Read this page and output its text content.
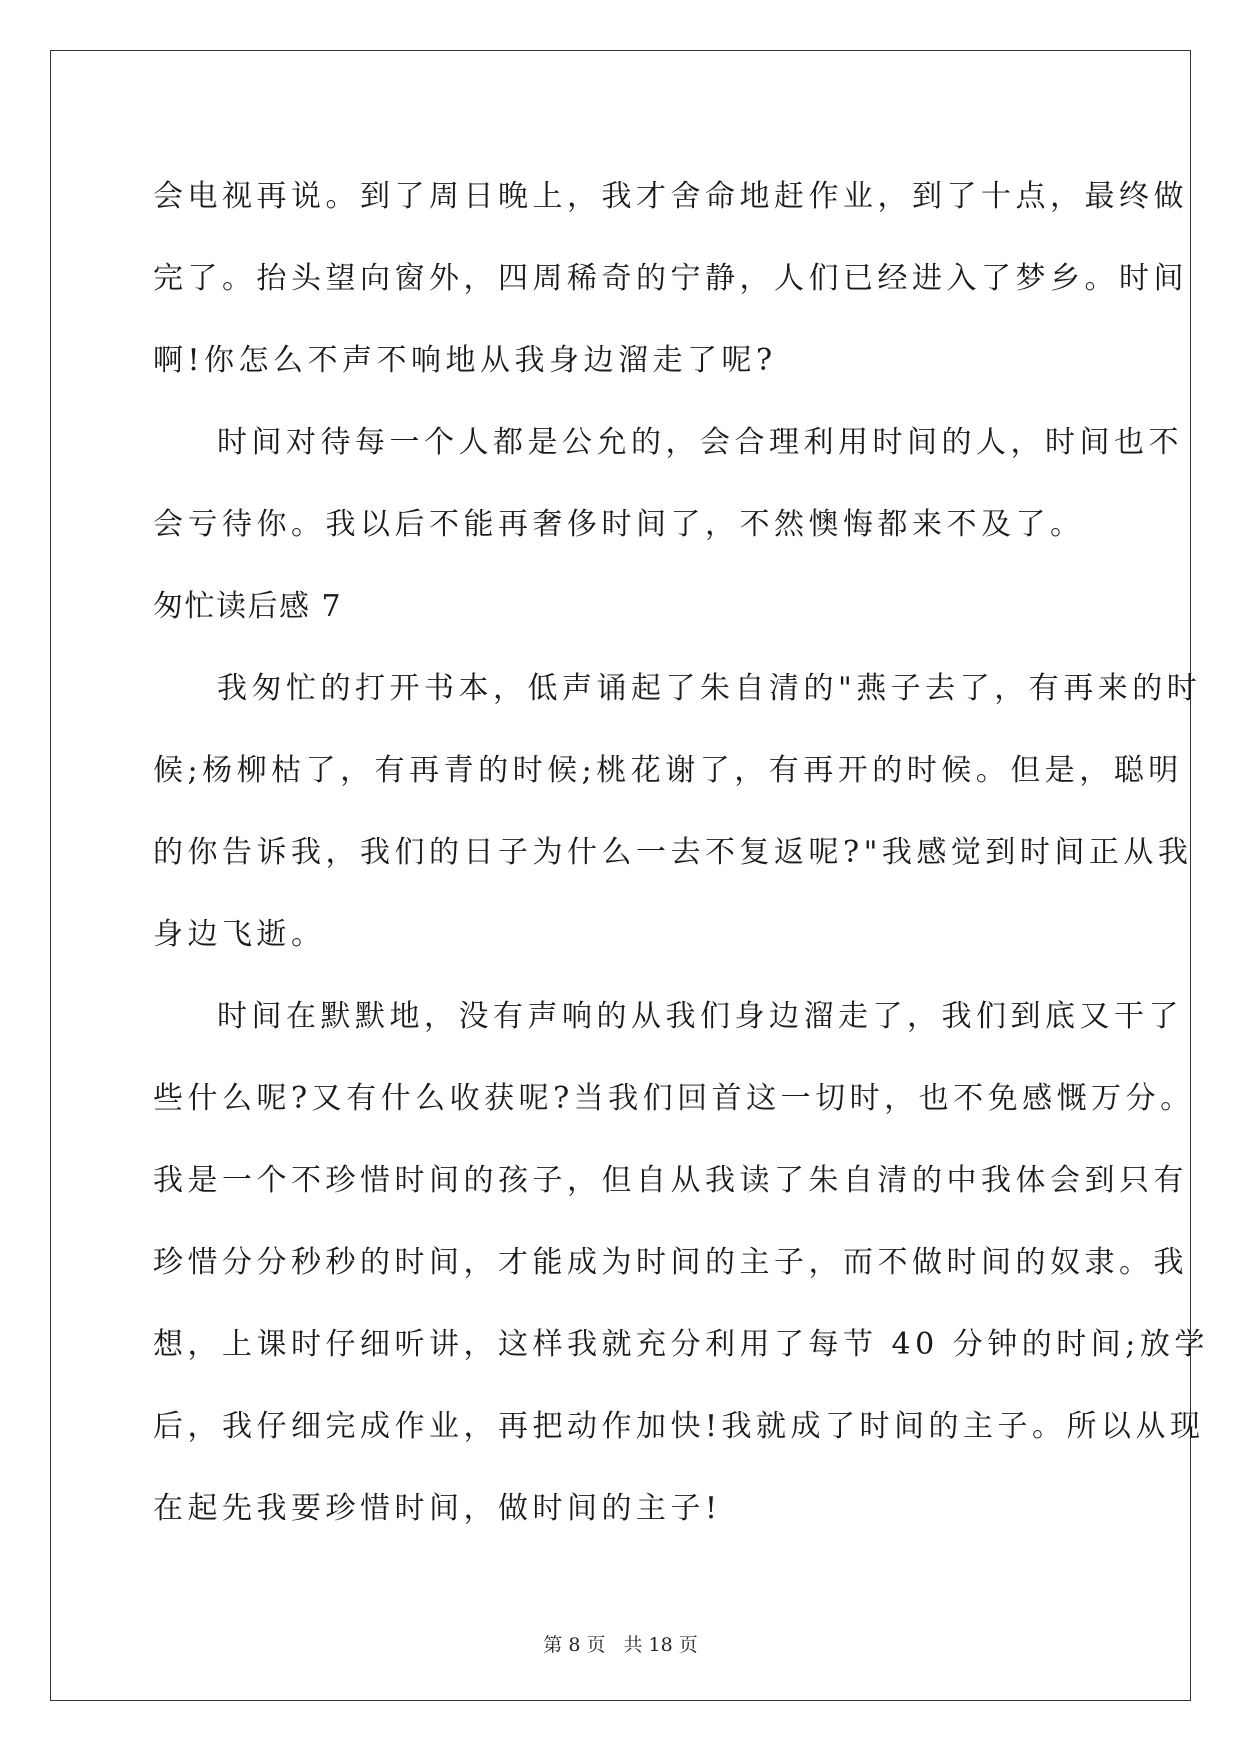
会电视再说。到了周日晚上，我才舍命地赶作业，到了十点，最终做
完了。抬头望向窗外，四周稀奇的宁静，人们已经进入了梦乡。时间
啊!你怎么不声不响地从我身边溜走了呢?
时间对待每一个人都是公允的，会合理利用时间的人，时间也不
会亏待你。我以后不能再奢侈时间了，不然懊悔都来不及了。
匆忙读后感 7
我匆忙的打开书本，低声诵起了朱自清的"燕子去了，有再来的时
候;杨柳枯了，有再青的时候;桃花谢了，有再开的时候。但是，聪明
的你告诉我，我们的日子为什么一去不复返呢?"我感觉到时间正从我
身边飞逝。
时间在默默地，没有声响的从我们身边溜走了，我们到底又干了
些什么呢?又有什么收获呢?当我们回首这一切时，也不免感慨万分。
我是一个不珍惜时间的孩子，但自从我读了朱自清的中我体会到只有
珍惜分分秒秒的时间，才能成为时间的主子，而不做时间的奴隶。我
想，上课时仔细听讲，这样我就充分利用了每节 40 分钟的时间;放学
后，我仔细完成作业，再把动作加快!我就成了时间的主子。所以从现
在起先我要珍惜时间，做时间的主子!
第 8 页 共 18 页
